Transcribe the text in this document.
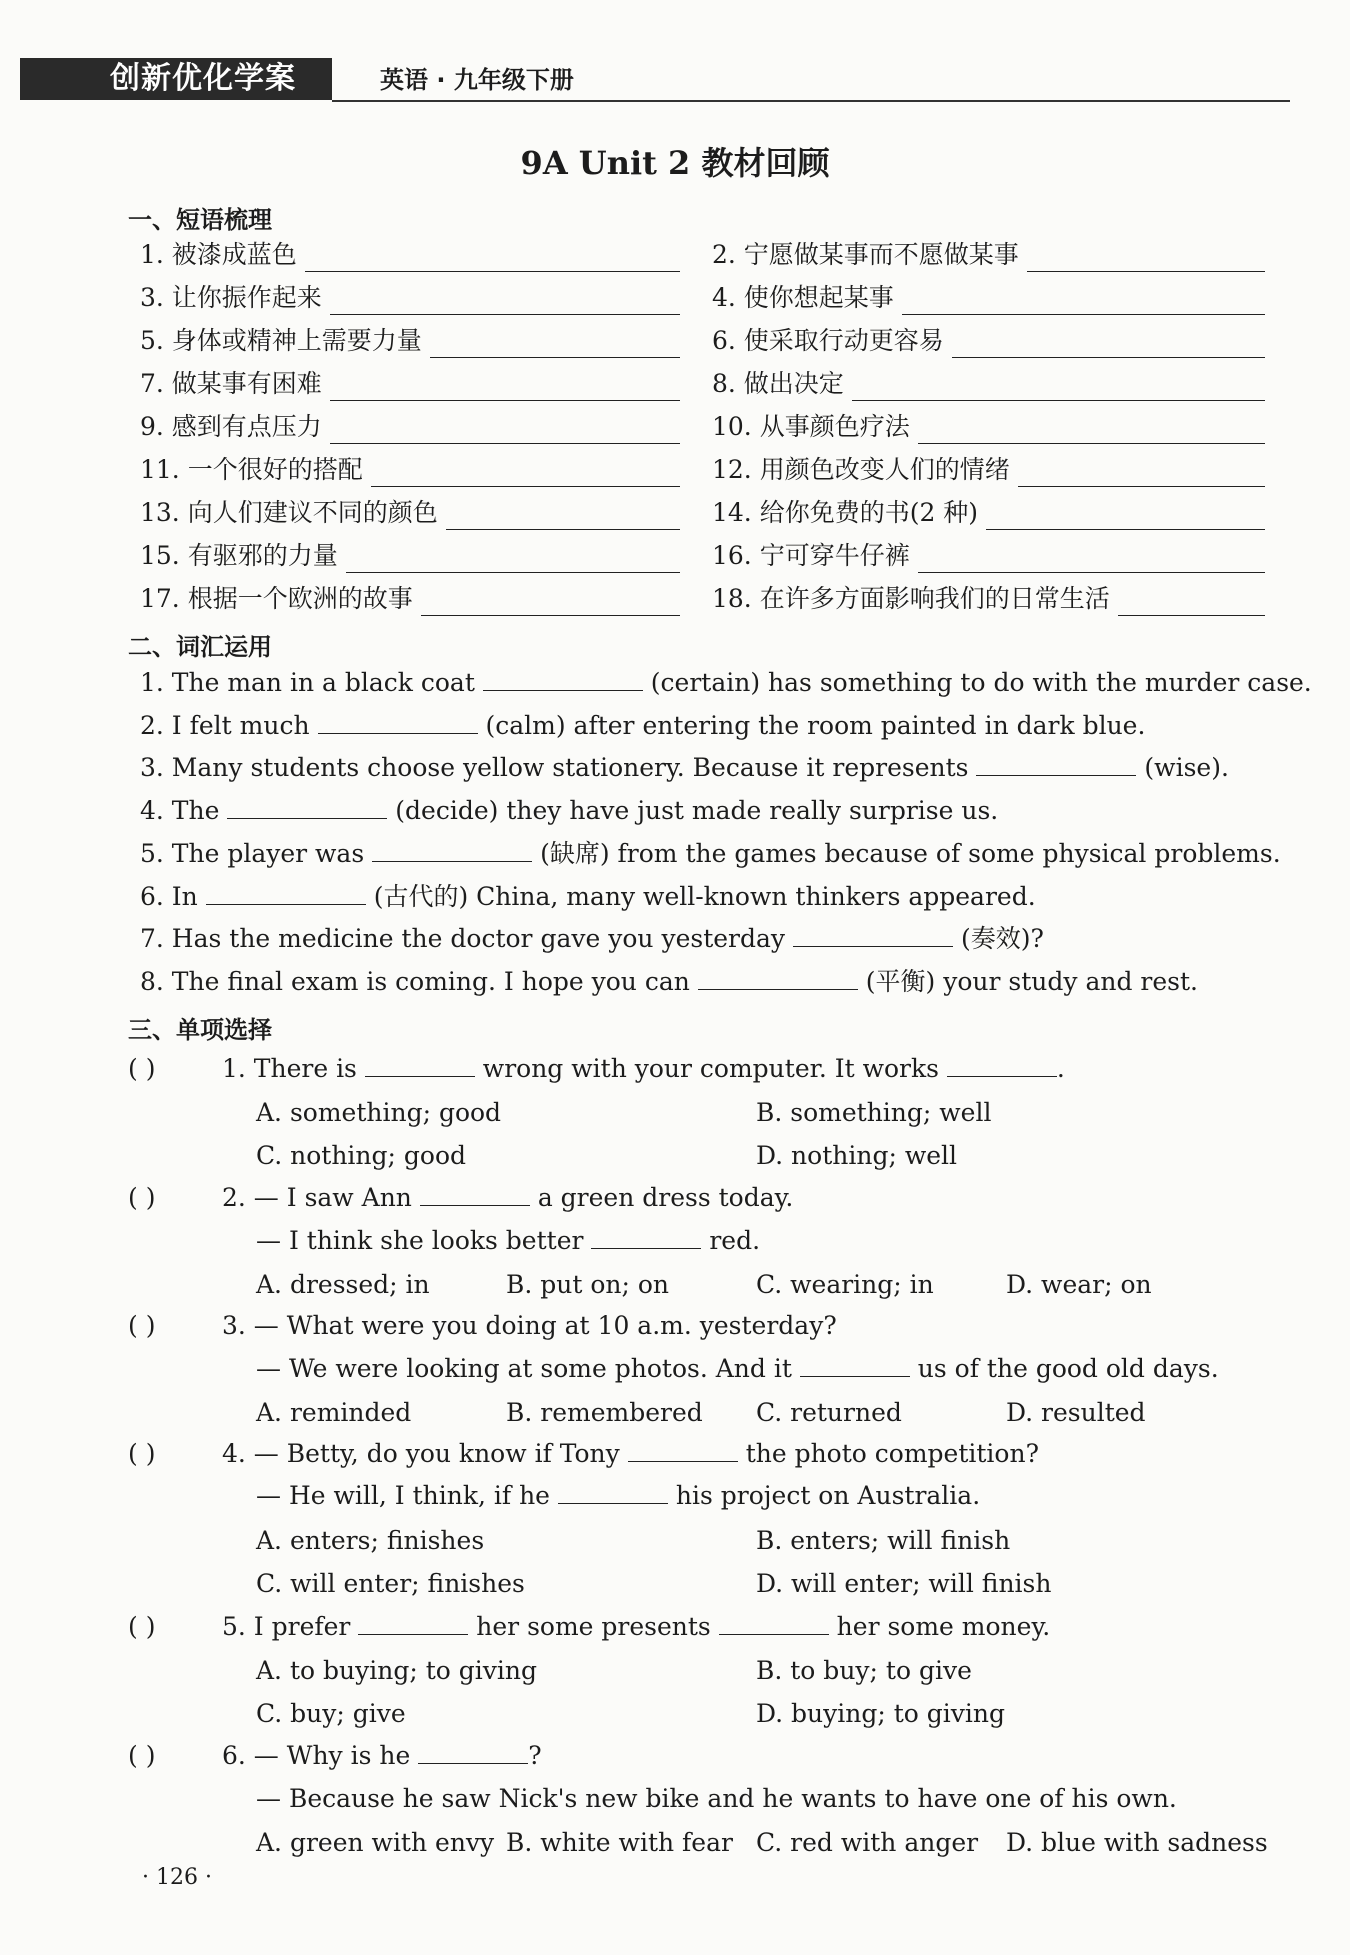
创新优化学案	英语 · 九年级下册
9A Unit 2 教材回顾
一、短语梳理
1. 被漆成蓝色	2. 宁愿做某事而不愿做某事
3. 让你振作起来	4. 使你想起某事
5. 身体或精神上需要力量	6. 使采取行动更容易
7. 做某事有困难	8. 做出决定
9. 感到有点压力	10. 从事颜色疗法
11. 一个很好的搭配	12. 用颜色改变人们的情绪
13. 向人们建议不同的颜色	14. 给你免费的书(2 种)
15. 有驱邪的力量	16. 宁可穿牛仔裤
17. 根据一个欧洲的故事	18. 在许多方面影响我们的日常生活
二、词汇运用
1. The man in a black coat	(certain) has something to do with the murder case.
2. I felt much	(calm) after entering the room painted in dark blue.
3. Many students choose yellow stationery. Because it represents	(wise).
4. The	(decide) they have just made really surprise us.
5. The player was	(缺席) from the games because of some physical problems.
6. In	(古代的) China, many well-known thinkers appeared.
7. Has the medicine the doctor gave you yesterday	(奏效)?
8. The final exam is coming. I hope you can	(平衡) your study and rest.
三、单项选择
( )	1. There is	wrong with your computer. It works	.
A. something; good	B. something; well
C. nothing; good	D. nothing; well
( )	2. — I saw Ann	a green dress today.
— I think she looks better	red.
A. dressed; in	B. put on; on	C. wearing; in	D. wear; on
( )	3. — What were you doing at 10 a.m. yesterday?
— We were looking at some photos. And it	us of the good old days.
A. reminded	B. remembered C. returned	D. resulted
( )	4. — Betty, do you know if Tony	the photo competition?
— He will, I think, if he	his project on Australia.
A. enters; finishes	B. enters; will finish
C. will enter; finishes	D. will enter; will finish
( )	5. I prefer	her some presents	her some money.
A. to buying; to giving	B. to buy; to give
C. buy; give	D. buying; to giving
( )	6. — Why is he	?
— Because he saw Nick's new bike and he wants to have one of his own.
A. green with envy B. white with fear C. red with anger D. blue with sadness
· 126 ·
